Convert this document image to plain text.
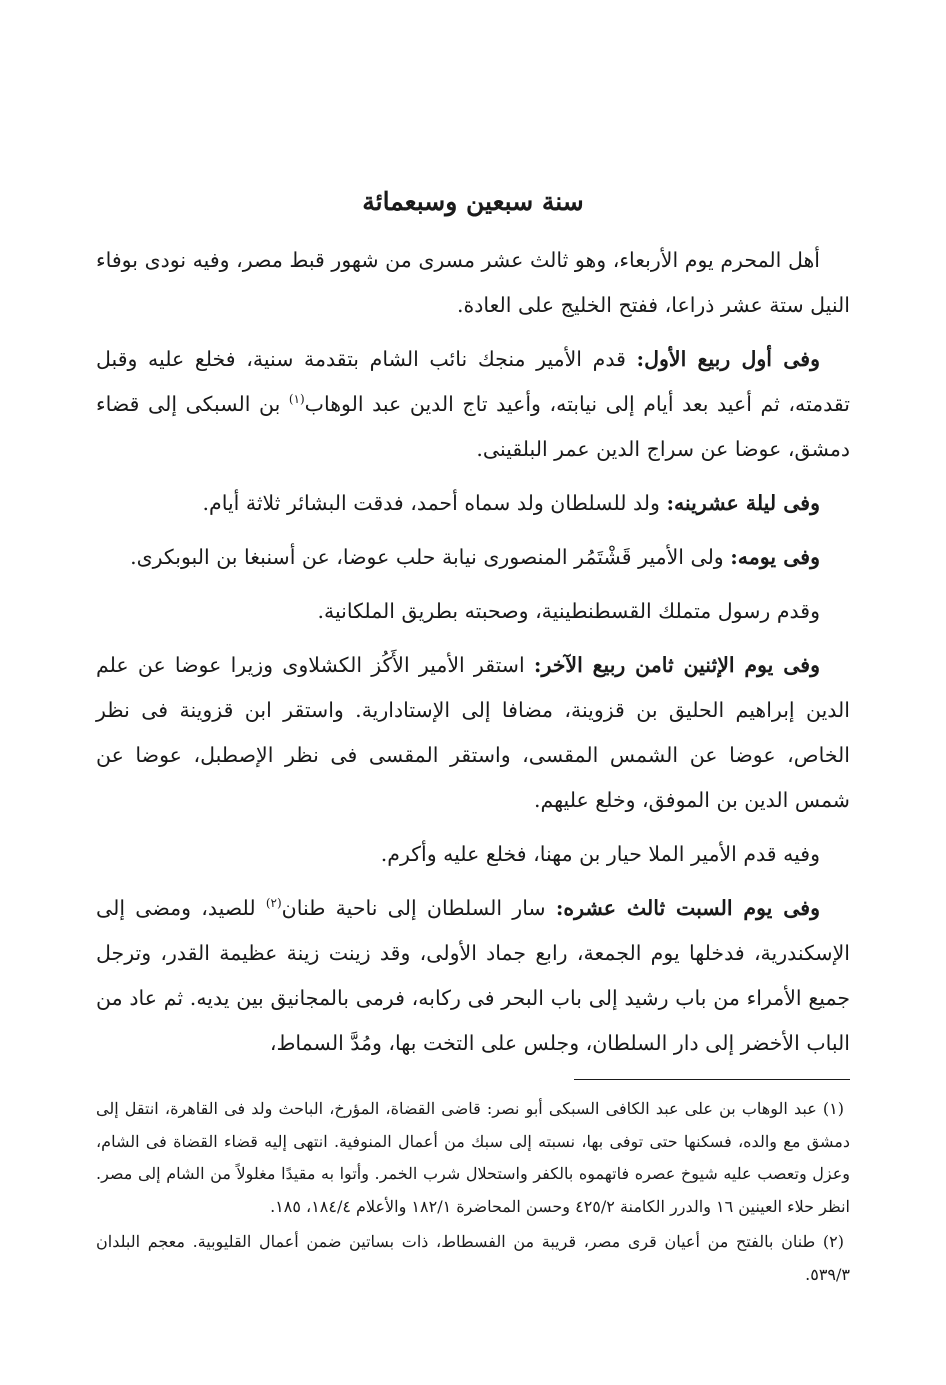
سنة سبعين وسبعمائة

أهل المحرم يوم الأربعاء، وهو ثالث عشر مسرى من شهور قبط مصر، وفيه نودى بوفاء النيل ستة عشر ذراعا، ففتح الخليج على العادة.

وفى أول ربيع الأول: قدم الأمير منجك نائب الشام بتقدمة سنية، فخلع عليه وقبل تقدمته، ثم أعيد بعد أيام إلى نيابته، وأعيد تاج الدين عبد الوهاب$^{(١)}$ بن السبكى إلى قضاء دمشق، عوضا عن سراج الدين عمر البلقينى.

وفى ليلة عشرينه: ولد للسلطان ولد سماه أحمد، فدقت البشائر ثلاثة أيام.

وفى يومه: ولى الأمير قَشْتَمُر المنصورى نيابة حلب عوضا، عن أسنبغا بن البوبكرى.

وقدم رسول متملك القسطنطينية، وصحبته بطريق الملكانية.

وفى يوم الإثنين ثامن ربيع الآخر: استقر الأمير الأَكُز الكشلاوى وزيرا عوضا عن علم الدين إبراهيم الحليق بن قزوينة، مضافا إلى الإستادارية. واستقر ابن قزوينة فى نظر الخاص، عوضا عن الشمس المقسى، واستقر المقسى فى نظر الإصطبل، عوضا عن شمس الدين بن الموفق، وخلع عليهم.

وفيه قدم الأمير الملا حيار بن مهنا، فخلع عليه وأكرم.

وفى يوم السبت ثالث عشره: سار السلطان إلى ناحية طنان$^{(٢)}$ للصيد، ومضى إلى الإسكندرية، فدخلها يوم الجمعة، رابع جماد الأولى، وقد زينت زينة عظيمة القدر، وترجل جميع الأمراء من باب رشيد إلى باب البحر فى ركابه، فرمى بالمجانيق بين يديه. ثم عاد من الباب الأخضر إلى دار السلطان، وجلس على التخت بها، ومُدَّ السماط،

(١) عبد الوهاب بن على عبد الكافى السبكى أبو نصر: قاضى القضاة، المؤرخ، الباحث ولد فى القاهرة، انتقل إلى دمشق مع والده، فسكنها حتى توفى بها، نسبته إلى سبك من أعمال المنوفية. انتهى إليه قضاء القضاة فى الشام، وعزل وتعصب عليه شيوخ عصره فاتهموه بالكفر واستحلال شرب الخمر. وأتوا به مقيدًا مغلولاً من الشام إلى مصر. انظر حلاء العينين ١٦ والدرر الكامنة ٤٢٥/٢ وحسن المحاضرة ١٨٢/١ والأعلام ١٨٤/٤، ١٨٥.

(٢) طنان بالفتح من أعيان قرى مصر، قريبة من الفسطاط، ذات بساتين ضمن أعمال القليوبية. معجم البلدان ٥٣٩/٣.
